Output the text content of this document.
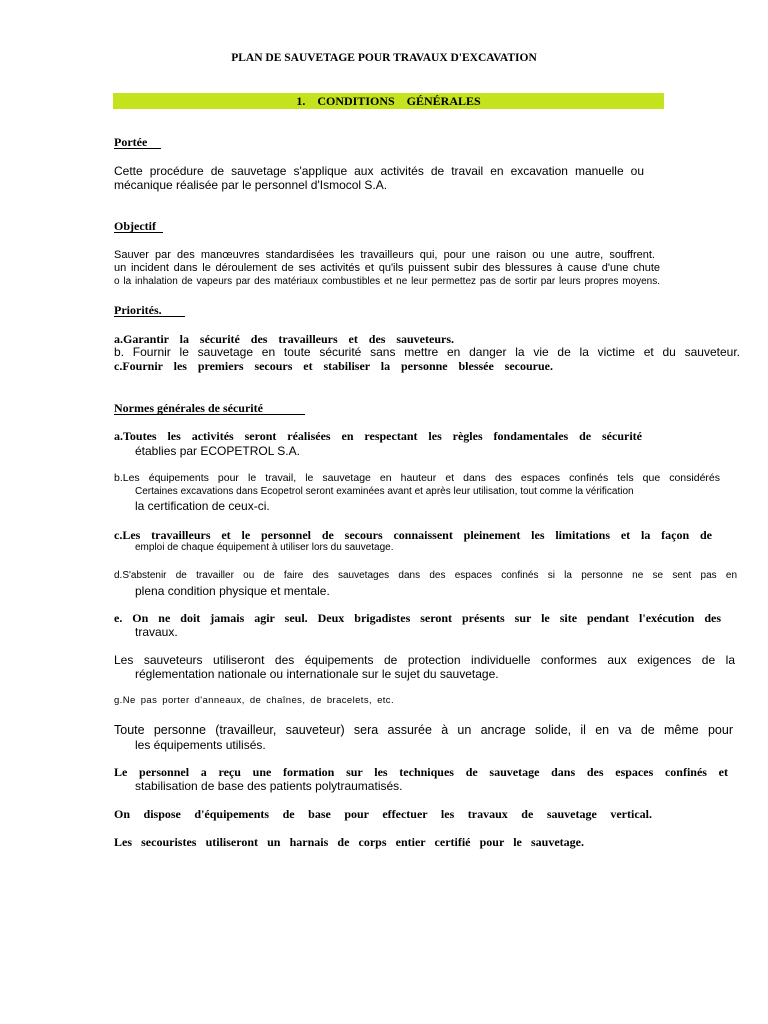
PLAN DE SAUVETAGE POUR TRAVAUX D'EXCAVATION
1.    CONDITIONS    GÉNÉRALES
Portée
Cette procédure de sauvetage s'applique aux activités de travail en excavation manuelle ou
mécanique réalisée par le personnel d'Ismocol S.A.
Objectif
Sauver par des manœuvres standardisées les travailleurs qui, pour une raison ou une autre, souffrent.
un incident dans le déroulement de ses activités et qu'ils puissent subir des blessures à cause d'une chute
o la inhalation de vapeurs par des matériaux combustibles et ne leur permettez pas de sortir par leurs propres moyens.
Priorités.
a.Garantir la sécurité des travailleurs et des sauveteurs.
b. Fournir le sauvetage en toute sécurité sans mettre en danger la vie de la victime et du sauveteur.
c.Fournir les premiers secours et stabiliser la personne blessée secourue.
Normes générales de sécurité
a.Toutes les activités seront réalisées en respectant les règles fondamentales de sécurité
établies par ECOPETROL S.A.
b.Les équipements pour le travail, le sauvetage en hauteur et dans des espaces confinés tels que considérés
Certaines excavations dans Ecopetrol seront examinées avant et après leur utilisation, tout comme la vérification
la certification de ceux-ci.
c.Les travailleurs et le personnel de secours connaissent pleinement les limitations et la façon de
emploi de chaque équipement à utiliser lors du sauvetage.
d.S'abstenir de travailler ou de faire des sauvetages dans des espaces confinés si la personne ne se sent pas en
plena condition physique et mentale.
e. On ne doit jamais agir seul. Deux brigadistes seront présents sur le site pendant l'exécution des
travaux.
Les sauveteurs utiliseront des équipements de protection individuelle conformes aux exigences de la
réglementation nationale ou internationale sur le sujet du sauvetage.
g.Ne pas porter d'anneaux, de chaînes, de bracelets, etc.
Toute personne (travailleur, sauveteur) sera assurée à un ancrage solide, il en va de même pour
les équipements utilisés.
Le personnel a reçu une formation sur les techniques de sauvetage dans des espaces confinés et
stabilisation de base des patients polytraumatisés.
On dispose d'équipements de base pour effectuer les travaux de sauvetage vertical.
Les secouristes utiliseront un harnais de corps entier certifié pour le sauvetage.
